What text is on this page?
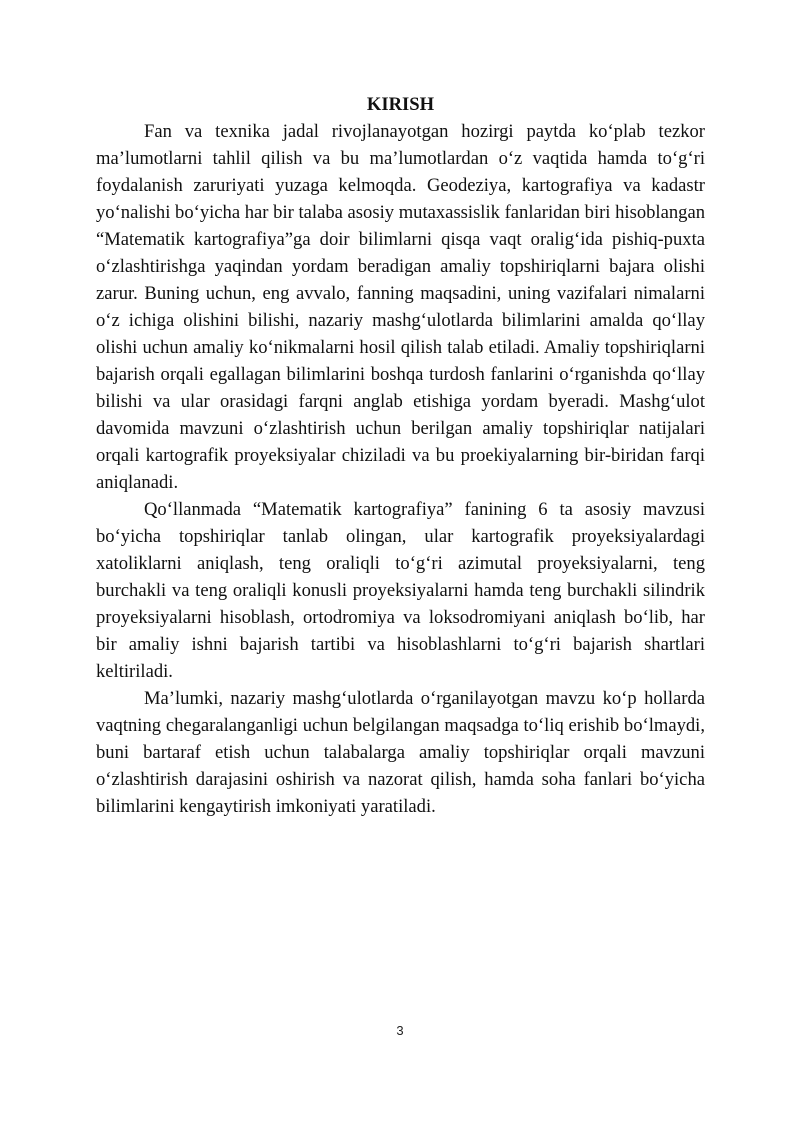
KIRISH

Fan va texnika jadal rivojlanayotgan hozirgi paytda koʻplab tezkor maʼlumotlarni tahlil qilish va bu maʼlumotlardan oʻz vaqtida hamda toʻgʻri foydalanish zaruriyati yuzaga kelmoqda. Geodeziya, kartografiya va kadastr yoʻnalishi boʻyicha har bir talaba asosiy mutaxassislik fanlaridan biri hisoblangan “Matematik kartografiya”ga doir bilimlarni qisqa vaqt oraligʻida pishiq-puxta oʻzlashtirishga yaqindan yordam beradigan amaliy topshiriqlarni bajara olishi zarur. Buning uchun, eng avvalo, fanning maqsadini, uning vazifalari nimalarni oʻz ichiga olishini bilishi, nazariy mashgʻulotlarda bilimlarini amalda qoʻllay olishi uchun amaliy koʻnikmalarni hosil qilish talab etiladi. Amaliy topshiriqlarni bajarish orqali egallagan bilimlarini boshqa turdosh fanlarini oʻrganishda qoʻllay bilishi va ular orasidagi farqni anglab etishiga yordam byeradi. Mashgʻulot davomida mavzuni oʻzlashtirish uchun berilgan amaliy topshiriqlar natijalari orqali kartografik proyeksiyalar chiziladi va bu proekiyalarning bir-biridan farqi aniqlanadi.

Qoʻllanmada “Matematik kartografiya” fanining 6 ta asosiy mavzusi boʻyicha topshiriqlar tanlab olingan, ular kartografik proyeksiyalardagi xatoliklarni aniqlash, teng oraliqli toʻgʻri azimutal proyeksiyalarni, teng burchakli va teng oraliqli konusli proyeksiyalarni hamda teng burchakli silindrik proyeksiyalarni hisoblash, ortodromiya va loksodromiyani aniqlash boʻlib, har bir amaliy ishni bajarish tartibi va hisoblashlarni toʻgʻri bajarish shartlari keltiriladi.

Maʼlumki, nazariy mashgʻulotlarda oʻrganilayotgan mavzu koʻp hollarda vaqtning chegaralanganligi uchun belgilangan maqsadga toʻliq erishib boʻlmaydi, buni bartaraf etish uchun talabalarga amaliy topshiriqlar orqali mavzuni oʻzlashtirish darajasini oshirish va nazorat qilish, hamda soha fanlari boʻyicha bilimlarini kengaytirish imkoniyati yaratiladi.

3
